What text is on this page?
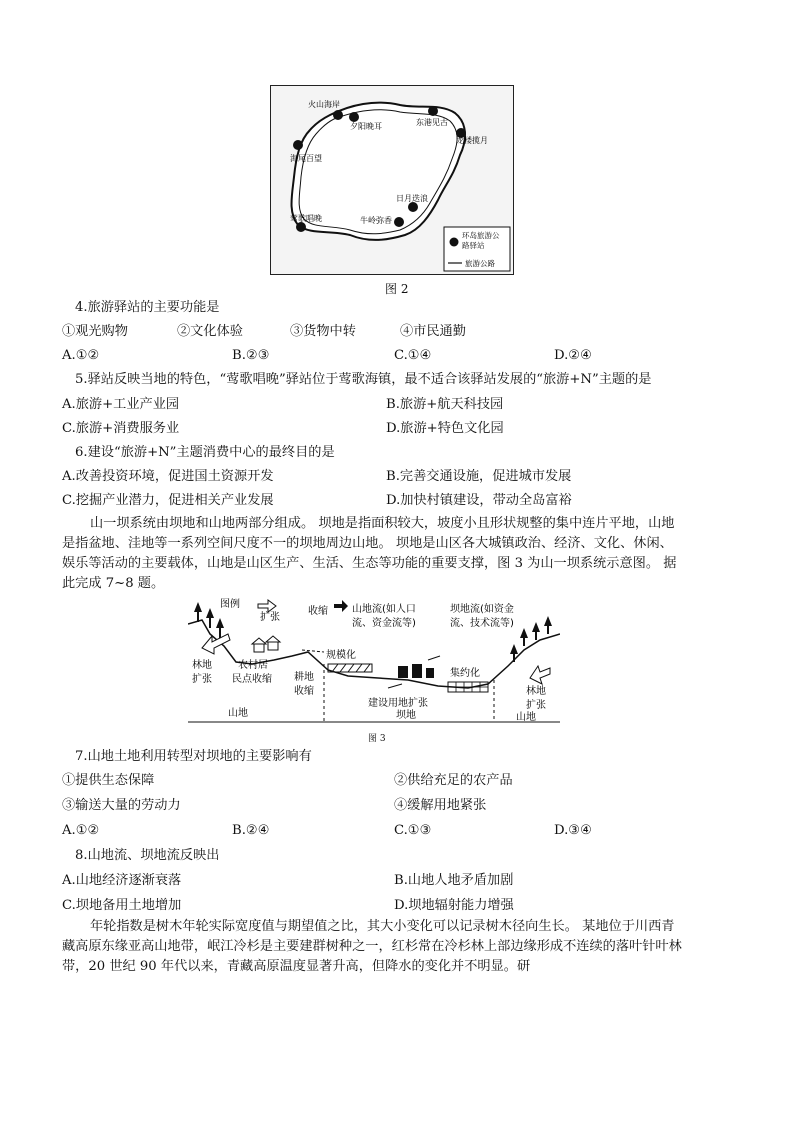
火山海岸
夕阳晚耳	东港见古
龙楼揽月
海尾百望
日月迭浪
牛岭弥香
莺歌唱晚
环岛旅游公路驿站
旅游公路
图 2
4.旅游驿站的主要功能是
①观光购物	②文化体验	③货物中转	④市民通勤
A.①②	B.②③	C.①④	D.②④
5.驿站反映当地的特色，“莺歌唱晚”驿站位于莺歌海镇，最不适合该驿站发展的“旅游+N”主题的是
A.旅游+工业产业园	B.旅游+航天科技园
C.旅游+消费服务业	D.旅游+特色文化园
6.建设“旅游+N”主题消费中心的最终目的是
A.改善投资环境，促进国土资源开发	B.完善交通设施，促进城市发展
C.挖掘产业潜力，促进相关产业发展	D.加快村镇建设，带动全岛富裕
山一坝系统由坝地和山地两部分组成。 坝地是指面积较大，坡度小且形状规整的集中连片平地，山地
是指盆地、洼地等一系列空间尺度不一的坝地周边山地。 坝地是山区各大城镇政治、经济、文化、休闲、
娱乐等活动的主要载体，山地是山区生产、生活、生态等功能的重要支撑，图 3 为山一坝系统示意图。 据
此完成 7~8 题。
图例
扩张
收缩 山地流(如人口
流、资金流等)
坝地流(如资金
流、技术流等)
林地
扩张
农村居
民点收缩 耕地
收缩
规模化
集约化
建设用地扩张
山地	坝地
林地
扩张
山地
图 3
7.山地土地利用转型对坝地的主要影响有
①提供生态保障	②供给充足的农产品
③输送大量的劳动力	④缓解用地紧张
A.①②	B.②④	C.①③	D.③④
8.山地流、坝地流反映出
A.山地经济逐渐衰落	B.山地人地矛盾加剧
C.坝地备用土地增加	D.坝地辐射能力增强
年轮指数是树木年轮实际宽度值与期望值之比，其大小变化可以记录树木径向生长。 某地位于川西青
藏高原东缘亚高山地带，岷江冷杉是主要建群树种之一，红杉常在冷杉林上部边缘形成不连续的落叶针叶林
带，20 世纪 90 年代以来，青藏高原温度显著升高，但降水的变化并不明显。研
